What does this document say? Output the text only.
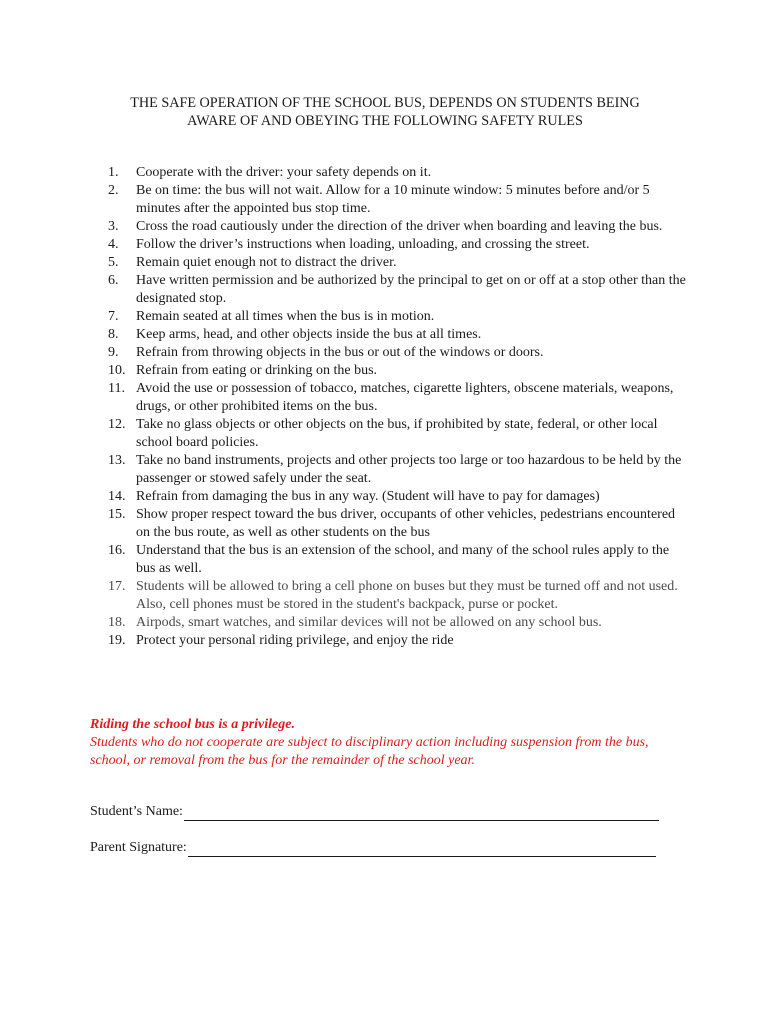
THE SAFE OPERATION OF THE SCHOOL BUS, DEPENDS ON STUDENTS BEING
AWARE OF AND OBEYING THE FOLLOWING SAFETY RULES
1. Cooperate with the driver: your safety depends on it.
2. Be on time: the bus will not wait. Allow for a 10 minute window: 5 minutes before and/or 5 minutes after the appointed bus stop time.
3. Cross the road cautiously under the direction of the driver when boarding and leaving the bus.
4. Follow the driver’s instructions when loading, unloading, and crossing the street.
5. Remain quiet enough not to distract the driver.
6. Have written permission and be authorized by the principal to get on or off at a stop other than the designated stop.
7. Remain seated at all times when the bus is in motion.
8. Keep arms, head, and other objects inside the bus at all times.
9. Refrain from throwing objects in the bus or out of the windows or doors.
10. Refrain from eating or drinking on the bus.
11. Avoid the use or possession of tobacco, matches, cigarette lighters, obscene materials, weapons, drugs, or other prohibited items on the bus.
12. Take no glass objects or other objects on the bus, if prohibited by state, federal, or other local school board policies.
13. Take no band instruments, projects and other projects too large or too hazardous to be held by the passenger or stowed safely under the seat.
14. Refrain from damaging the bus in any way. (Student will have to pay for damages)
15. Show proper respect toward the bus driver, occupants of other vehicles, pedestrians encountered on the bus route, as well as other students on the bus
16. Understand that the bus is an extension of the school, and many of the school rules apply to the bus as well.
17. Students will be allowed to bring a cell phone on buses but they must be turned off and not used. Also, cell phones must be stored in the student's backpack, purse or pocket.
18. Airpods, smart watches, and similar devices will not be allowed on any school bus.
19. Protect your personal riding privilege, and enjoy the ride
Riding the school bus is a privilege.
Students who do not cooperate are subject to disciplinary action including suspension from the bus, school, or removal from the bus for the remainder of the school year.
Student’s Name:
Parent Signature:
